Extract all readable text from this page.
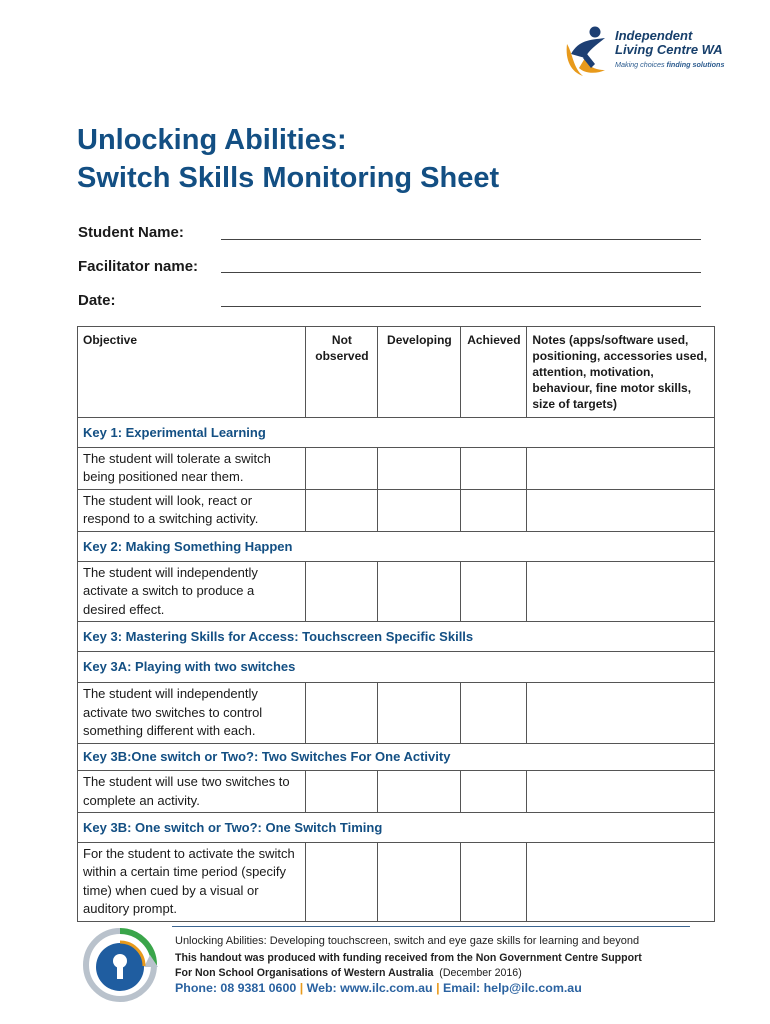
Independent
Living Centre WA
Making choices finding solutions
Unlocking Abilities:
Switch Skills Monitoring Sheet
Student Name:
Facilitator name:
Date:
Objective	Not observed	Developing	Achieved	Notes (apps/software used, positioning, accessories used, attention, motivation, behaviour, fine motor skills, size of targets)
Key 1: Experimental Learning				
The student will tolerate a switch being positioned near them.				
The student will look, react or respond to a switching activity.				
Key 2: Making Something Happen				
The student will independently activate a switch to produce a desired effect.				
Key 3: Mastering Skills for Access: Touchscreen Specific Skills				
Key 3A: Playing with two switches				
The student will independently activate two switches to control something different with each.				
Key 3B:One switch or Two?: Two Switches For One Activity				
The student will use two switches to complete an activity.				
Key 3B: One switch or Two?: One Switch Timing				
For the student to activate the switch within a certain time period (specify time) when cued by a visual or auditory prompt.				
Unlocking Abilities: Developing touchscreen, switch and eye gaze skills for learning and beyond
This handout was produced with funding received from the Non Government Centre Support
For Non School Organisations of Western Australia (December 2016)
Phone: 08 9381 0600 | Web: www.ilc.com.au | Email: help@ilc.com.au
